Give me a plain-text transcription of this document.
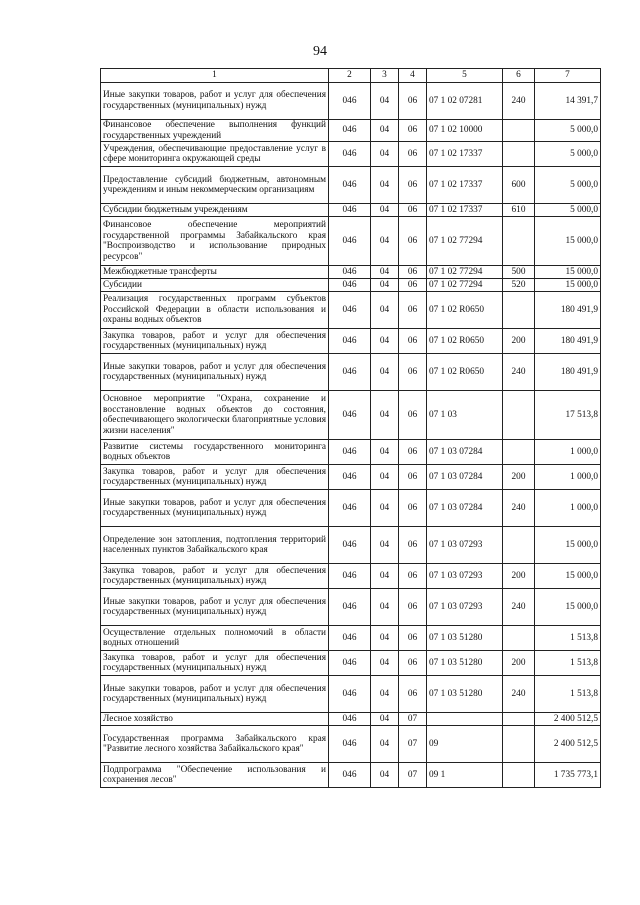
94
1	2	3	4	5	6	7
Иные закупки товаров, работ и услуг для обеспечения государственных (муниципальных) нужд	046	04	06	07 1 02 07281	240	14 391,7
Финансовое обеспечение выполнения функций государственных учреждений	046	04	06	07 1 02 10000		5 000,0
Учреждения, обеспечивающие предоставление услуг в сфере мониторинга окружающей среды	046	04	06	07 1 02 17337		5 000,0
Предоставление субсидий бюджетным, автономным учреждениям и иным некоммерческим организациям	046	04	06	07 1 02 17337	600	5 000,0
Субсидии бюджетным учреждениям	046	04	06	07 1 02 17337	610	5 000,0
Финансовое обеспечение мероприятий государственной программы Забайкальского края "Воспроизводство и использование природных ресурсов"	046	04	06	07 1 02 77294		15 000,0
Межбюджетные трансферты	046	04	06	07 1 02 77294	500	15 000,0
Субсидии	046	04	06	07 1 02 77294	520	15 000,0
Реализация государственных программ субъектов Российской Федерации в области использования и охраны водных объектов	046	04	06	07 1 02 R0650		180 491,9
Закупка товаров, работ и услуг для обеспечения государственных (муниципальных) нужд	046	04	06	07 1 02 R0650	200	180 491,9
Иные закупки товаров, работ и услуг для обеспечения государственных (муниципальных) нужд	046	04	06	07 1 02 R0650	240	180 491,9
Основное мероприятие "Охрана, сохранение и восстановление водных объектов до состояния, обеспечивающего экологически благоприятные условия жизни населения"	046	04	06	07 1 03		17 513,8
Развитие системы государственного мониторинга водных объектов	046	04	06	07 1 03 07284		1 000,0
Закупка товаров, работ и услуг для обеспечения государственных (муниципальных) нужд	046	04	06	07 1 03 07284	200	1 000,0
Иные закупки товаров, работ и услуг для обеспечения государственных (муниципальных) нужд	046	04	06	07 1 03 07284	240	1 000,0
Определение зон затопления, подтопления территорий населенных пунктов Забайкальского края	046	04	06	07 1 03 07293		15 000,0
Закупка товаров, работ и услуг для обеспечения государственных (муниципальных) нужд	046	04	06	07 1 03 07293	200	15 000,0
Иные закупки товаров, работ и услуг для обеспечения государственных (муниципальных) нужд	046	04	06	07 1 03 07293	240	15 000,0
Осуществление отдельных полномочий в области водных отношений	046	04	06	07 1 03 51280		1 513,8
Закупка товаров, работ и услуг для обеспечения государственных (муниципальных) нужд	046	04	06	07 1 03 51280	200	1 513,8
Иные закупки товаров, работ и услуг для обеспечения государственных (муниципальных) нужд	046	04	06	07 1 03 51280	240	1 513,8
Лесное хозяйство	046	04	07			2 400 512,5
Государственная программа Забайкальского края "Развитие лесного хозяйства Забайкальского края"	046	04	07	09		2 400 512,5
Подпрограмма "Обеспечение использования и сохранения лесов"	046	04	07	09 1		1 735 773,1
